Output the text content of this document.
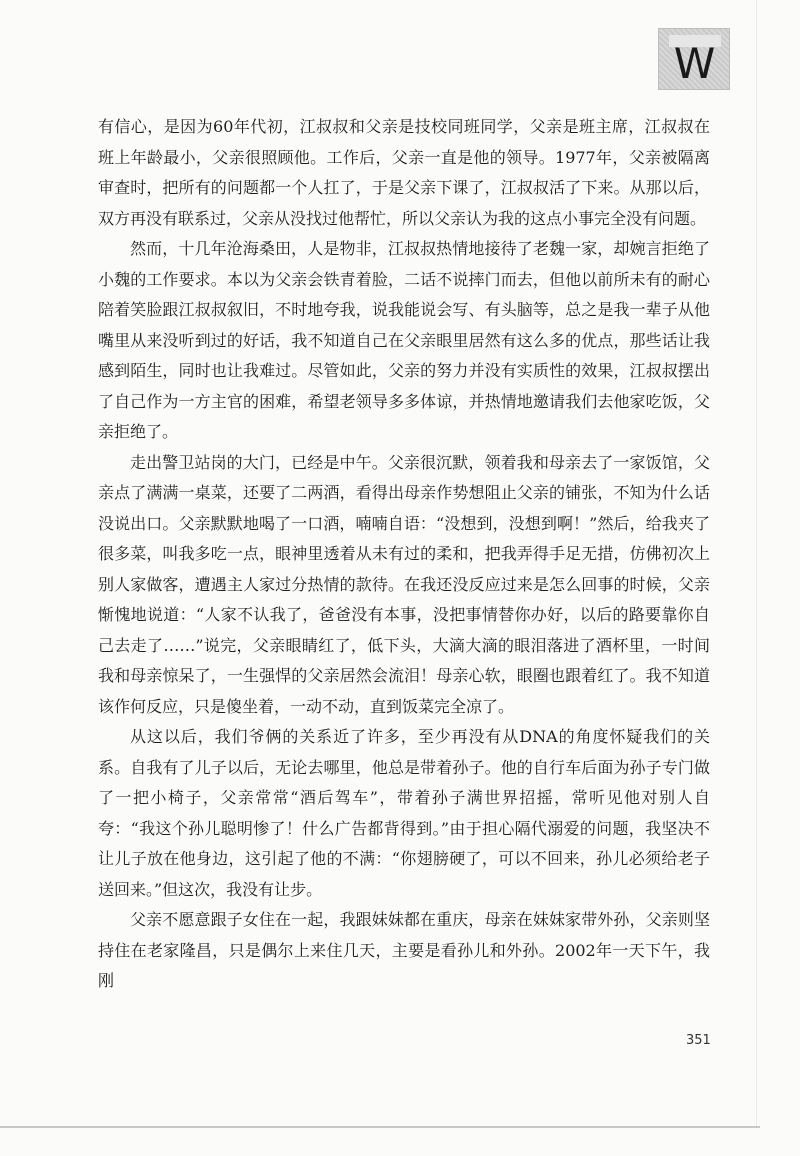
W

有信心，是因为60年代初，江叔叔和父亲是技校同班同学，父亲是班主席，江叔叔在班上年龄最小，父亲很照顾他。工作后，父亲一直是他的领导。1977年，父亲被隔离审查时，把所有的问题都一个人扛了，于是父亲下课了，江叔叔活了下来。从那以后，双方再没有联系过，父亲从没找过他帮忙，所以父亲认为我的这点小事完全没有问题。

然而，十几年沧海桑田，人是物非，江叔叔热情地接待了老魏一家，却婉言拒绝了小魏的工作要求。本以为父亲会铁青着脸，二话不说摔门而去，但他以前所未有的耐心陪着笑脸跟江叔叔叙旧，不时地夸我，说我能说会写、有头脑等，总之是我一辈子从他嘴里从来没听到过的好话，我不知道自己在父亲眼里居然有这么多的优点，那些话让我感到陌生，同时也让我难过。尽管如此，父亲的努力并没有实质性的效果，江叔叔摆出了自己作为一方主官的困难，希望老领导多多体谅，并热情地邀请我们去他家吃饭，父亲拒绝了。

走出警卫站岗的大门，已经是中午。父亲很沉默，领着我和母亲去了一家饭馆，父亲点了满满一桌菜，还要了二两酒，看得出母亲作势想阻止父亲的铺张，不知为什么话没说出口。父亲默默地喝了一口酒，喃喃自语：“没想到，没想到啊！”然后，给我夹了很多菜，叫我多吃一点，眼神里透着从未有过的柔和，把我弄得手足无措，仿佛初次上别人家做客，遭遇主人家过分热情的款待。在我还没反应过来是怎么回事的时候，父亲惭愧地说道：“人家不认我了，爸爸没有本事，没把事情替你办好，以后的路要靠你自己去走了……”说完，父亲眼睛红了，低下头，大滴大滴的眼泪落进了酒杯里，一时间我和母亲惊呆了，一生强悍的父亲居然会流泪！母亲心软，眼圈也跟着红了。我不知道该作何反应，只是傻坐着，一动不动，直到饭菜完全凉了。

从这以后，我们爷俩的关系近了许多，至少再没有从DNA的角度怀疑我们的关系。自我有了儿子以后，无论去哪里，他总是带着孙子。他的自行车后面为孙子专门做了一把小椅子，父亲常常“酒后驾车”，带着孙子满世界招摇，常听见他对别人自夸：“我这个孙儿聪明惨了！什么广告都背得到。”由于担心隔代溺爱的问题，我坚决不让儿子放在他身边，这引起了他的不满：“你翅膀硬了，可以不回来，孙儿必须给老子送回来。”但这次，我没有让步。

父亲不愿意跟子女住在一起，我跟妹妹都在重庆，母亲在妹妹家带外孙，父亲则坚持住在老家隆昌，只是偶尔上来住几天，主要是看孙儿和外孙。2002年一天下午，我刚

351
